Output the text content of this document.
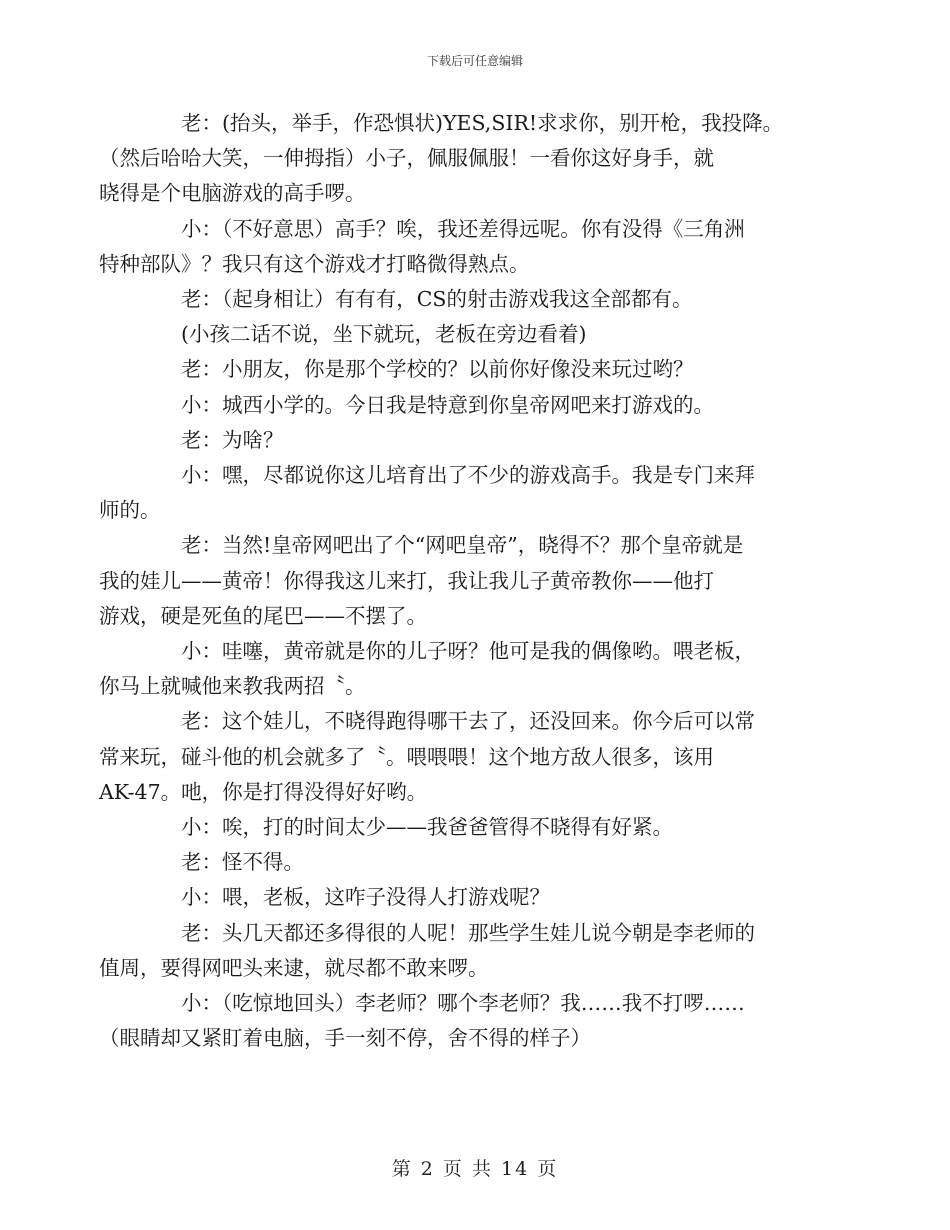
下载后可任意编辑

老：(抬头，举手，作恐惧状)YES,SIR!求求你，别开枪，我投降。
（然后哈哈大笑，一伸拇指）小子，佩服佩服！一看你这好身手，就
晓得是个电脑游戏的高手啰。

小：（不好意思）高手？唉，我还差得远呢。你有没得《三角洲
特种部队》？我只有这个游戏才打略微得熟点。

老：（起身相让）有有有，CS的射击游戏我这全部都有。

(小孩二话不说，坐下就玩，老板在旁边看着)

老：小朋友，你是那个学校的？以前你好像没来玩过哟？

小：城西小学的。今日我是特意到你皇帝网吧来打游戏的。

老：为啥？

小：嘿，尽都说你这儿培育出了不少的游戏高手。我是专门来拜
师的。

老：当然!皇帝网吧出了个“网吧皇帝”，晓得不？那个皇帝就是
我的娃儿——黄帝！你得我这儿来打，我让我儿子黄帝教你——他打
游戏，硬是死鱼的尾巴——不摆了。

小：哇噻，黄帝就是你的儿子呀？他可是我的偶像哟。喂老板，
你马上就喊他来教我两招〝。

老：这个娃儿，不晓得跑得哪干去了，还没回来。你今后可以常
常来玩，碰斗他的机会就多了〝。喂喂喂！这个地方敌人很多，该用
AK-47。吔，你是打得没得好好哟。

小：唉，打的时间太少——我爸爸管得不晓得有好紧。

老：怪不得。

小：喂，老板，这咋子没得人打游戏呢？

老：头几天都还多得很的人呢！那些学生娃儿说今朝是李老师的
值周，要得网吧头来逮，就尽都不敢来啰。

小：（吃惊地回头）李老师？哪个李老师？我……我不打啰……
（眼睛却又紧盯着电脑，手一刻不停，舍不得的样子）

第 2 页 共 14 页
